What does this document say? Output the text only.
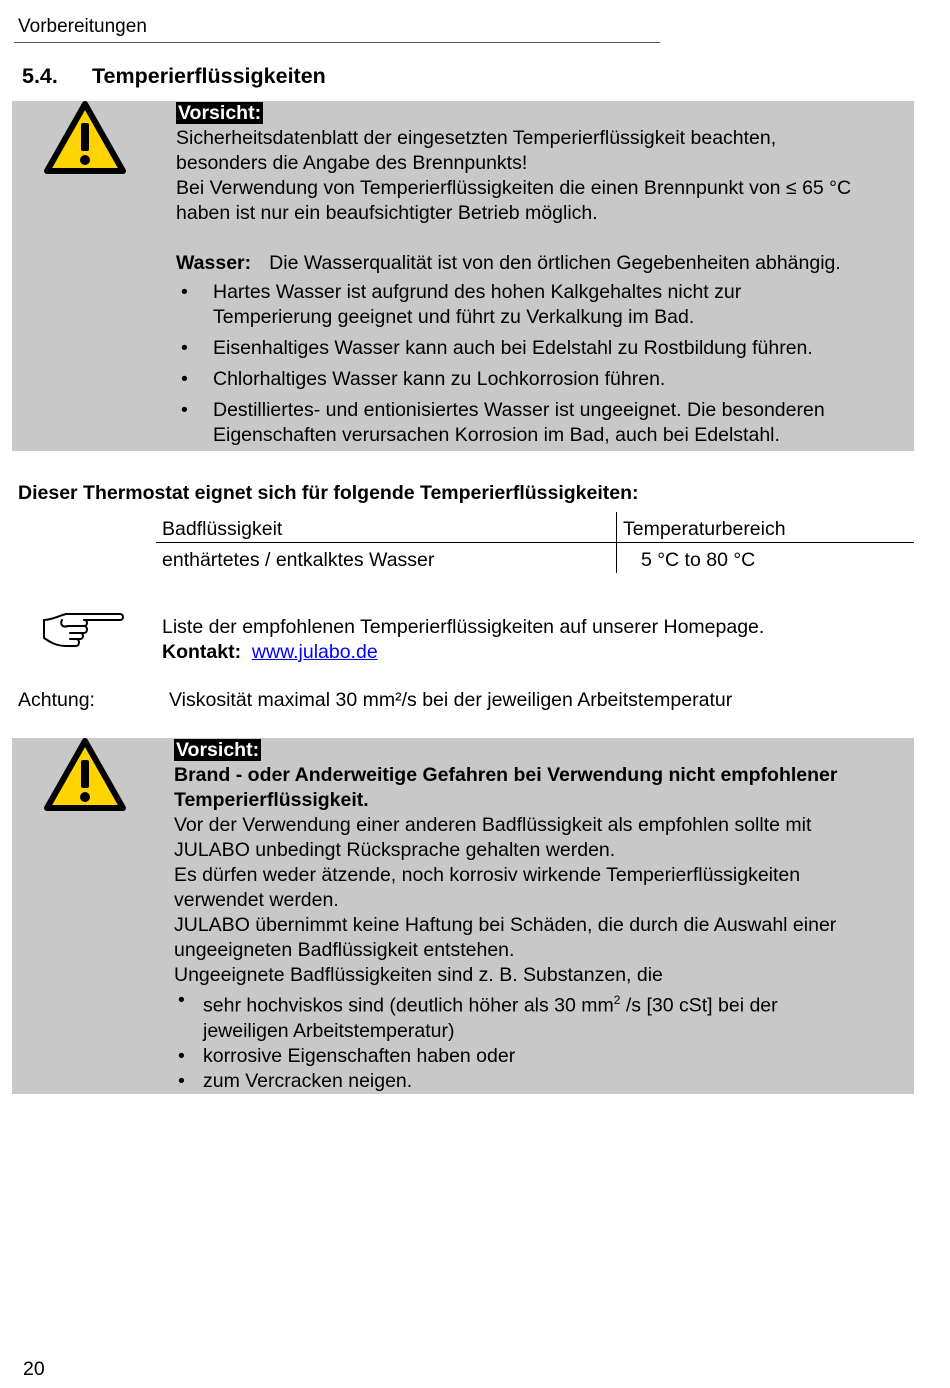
Vorbereitungen
5.4. Temperierflüssigkeiten
Vorsicht:
Sicherheitsdatenblatt der eingesetzten Temperierflüssigkeit beachten,
besonders die Angabe des Brennpunkts!
Bei Verwendung von Temperierflüssigkeiten die einen Brennpunkt von ≤ 65 °C
haben ist nur ein beaufsichtigter Betrieb möglich.
Wasser: Die Wasserqualität ist von den örtlichen Gegebenheiten abhängig.
• Hartes Wasser ist aufgrund des hohen Kalkgehaltes nicht zur
Temperierung geeignet und führt zu Verkalkung im Bad.
• Eisenhaltiges Wasser kann auch bei Edelstahl zu Rostbildung führen.
• Chlorhaltiges Wasser kann zu Lochkorrosion führen.
• Destilliertes- und entionisiertes Wasser ist ungeeignet. Die besonderen
Eigenschaften verursachen Korrosion im Bad, auch bei Edelstahl.
Dieser Thermostat eignet sich für folgende Temperierflüssigkeiten:
Badflüssigkeit	Temperaturbereich
enthärtetes / entkalktes Wasser	5 °C to 80 °C
Liste der empfohlenen Temperierflüssigkeiten auf unserer Homepage.
Kontakt: www.julabo.de
Achtung:	Viskosität maximal 30 mm²/s bei der jeweiligen Arbeitstemperatur
Vorsicht:
Brand - oder Anderweitige Gefahren bei Verwendung nicht empfohlener
Temperierflüssigkeit.
Vor der Verwendung einer anderen Badflüssigkeit als empfohlen sollte mit
JULABO unbedingt Rücksprache gehalten werden.
Es dürfen weder ätzende, noch korrosiv wirkende Temperierflüssigkeiten
verwendet werden.
JULABO übernimmt keine Haftung bei Schäden, die durch die Auswahl einer
ungeeigneten Badflüssigkeit entstehen.
Ungeeignete Badflüssigkeiten sind z. B. Substanzen, die
• sehr hochviskos sind (deutlich höher als 30 $mm^2$ /s [30 cSt] bei der
jeweiligen Arbeitstemperatur)
• korrosive Eigenschaften haben oder
• zum Vercracken neigen.
20
